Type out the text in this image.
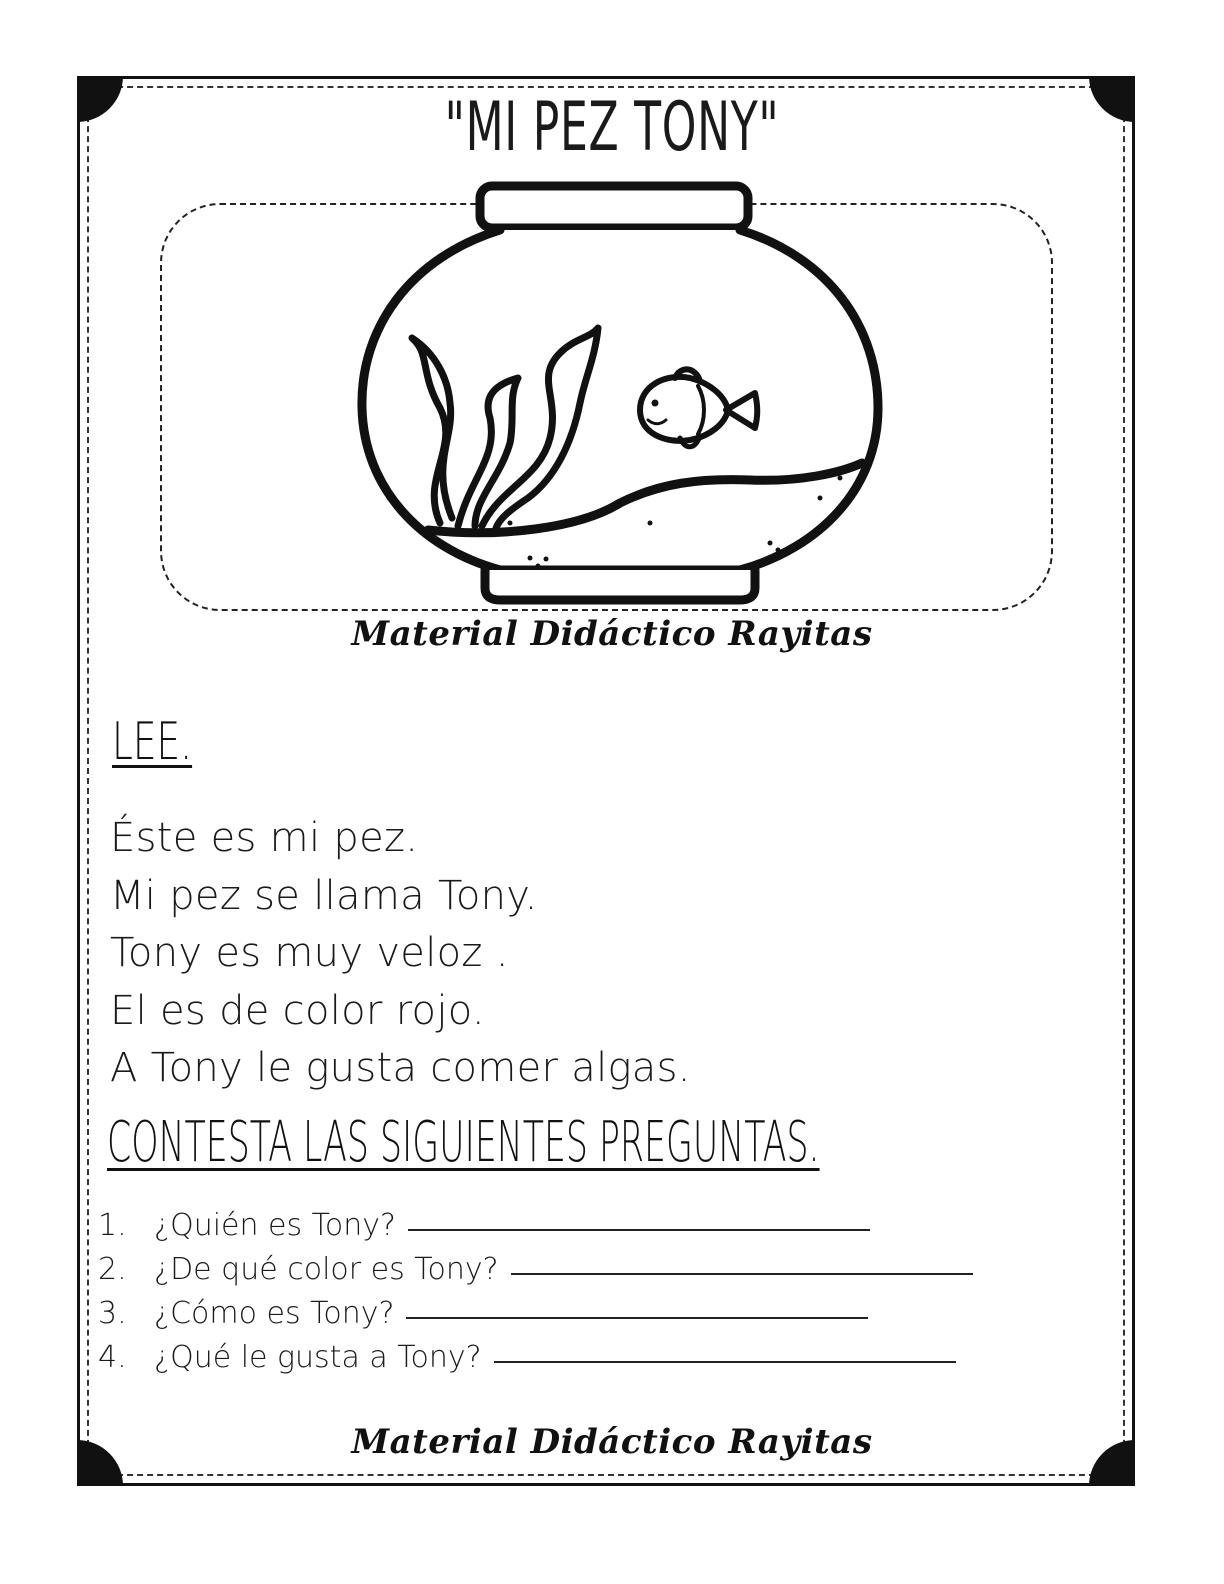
"MI PEZ TONY"
Material Didáctico Rayitas
LEE.
Éste es mi pez.
Mi pez se llama Tony.
Tony es muy veloz .
El es de color rojo.
A Tony le gusta comer algas.
CONTESTA LAS SIGUIENTES PREGUNTAS.
1. ¿Quién es Tony?
2. ¿De qué color es Tony?
3. ¿Cómo es Tony?
4. ¿Qué le gusta a Tony?
Material Didáctico Rayitas
